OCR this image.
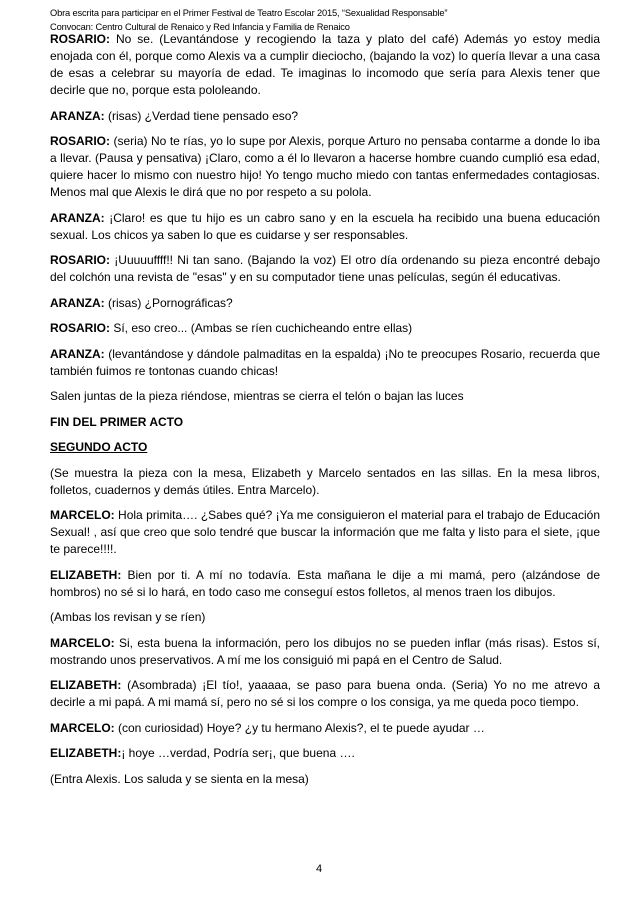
Obra escrita para participar en el Primer Festival de Teatro Escolar 2015, “Sexualidad Responsable”
Convocan: Centro Cultural de Renaico y Red Infancia y Familia de Renaico

ROSARIO: No se. (Levantándose y recogiendo la taza y plato del café) Además yo estoy media enojada con él, porque como Alexis va a cumplir dieciocho, (bajando la voz) lo quería llevar a una casa de esas a celebrar su mayoría de edad. Te imaginas lo incomodo que sería para Alexis tener que decirle que no, porque esta pololeando.

ARANZA: (risas) ¿Verdad tiene pensado eso?

ROSARIO: (seria) No te rías, yo lo supe por Alexis, porque Arturo no pensaba contarme a donde lo iba a llevar. (Pausa y pensativa) ¡Claro, como a él lo llevaron a hacerse hombre cuando cumplió esa edad, quiere hacer lo mismo con nuestro hijo! Yo tengo mucho miedo con tantas enfermedades contagiosas. Menos mal que Alexis le dirá que no por respeto a su polola.

ARANZA: ¡Claro! es que tu hijo es un cabro sano y en la escuela ha recibido una buena educación sexual. Los chicos ya saben lo que es cuidarse y ser responsables.

ROSARIO: ¡Uuuuuffff!! Ni tan sano. (Bajando la voz) El otro día ordenando su pieza encontré debajo del colchón una revista de "esas" y en su computador tiene unas películas, según él educativas.

ARANZA: (risas) ¿Pornográficas?

ROSARIO: Sí, eso creo... (Ambas se ríen cuchicheando entre ellas)

ARANZA: (levantándose y dándole palmaditas en la espalda) ¡No te preocupes Rosario, recuerda que también fuimos re tontonas cuando chicas!

Salen juntas de la pieza riéndose, mientras se cierra el telón o bajan las luces

FIN DEL PRIMER ACTO

SEGUNDO ACTO

(Se muestra la pieza con la mesa, Elizabeth y Marcelo sentados en las sillas. En la mesa libros, folletos, cuadernos y demás útiles. Entra Marcelo).

MARCELO: Hola primita…. ¿Sabes qué? ¡Ya me consiguieron el material para el trabajo de Educación Sexual! , así que creo que solo tendré que buscar la información que me falta y listo para el siete, ¡que te parece!!!!.

ELIZABETH: Bien por ti. A mí no todavía. Esta mañana le dije a mi mamá, pero (alzándose de hombros) no sé si lo hará, en todo caso me conseguí estos folletos, al menos traen los dibujos.

(Ambas los revisan y se ríen)

MARCELO: Si, esta buena la información, pero los dibujos no se pueden inflar (más risas). Estos sí, mostrando unos preservativos. A mí me los consiguió mi papá en el Centro de Salud.

ELIZABETH: (Asombrada) ¡El tío!, yaaaaa, se paso para buena onda. (Seria) Yo no me atrevo a decirle a mi papá. A mi mamá sí, pero no sé si los compre o los consiga, ya me queda poco tiempo.

MARCELO: (con curiosidad) Hoye? ¿y tu hermano Alexis?, el te puede ayudar …

ELIZABETH:¡ hoye …verdad, Podría ser¡, que buena ….

(Entra Alexis. Los saluda y se sienta en la mesa)

4
